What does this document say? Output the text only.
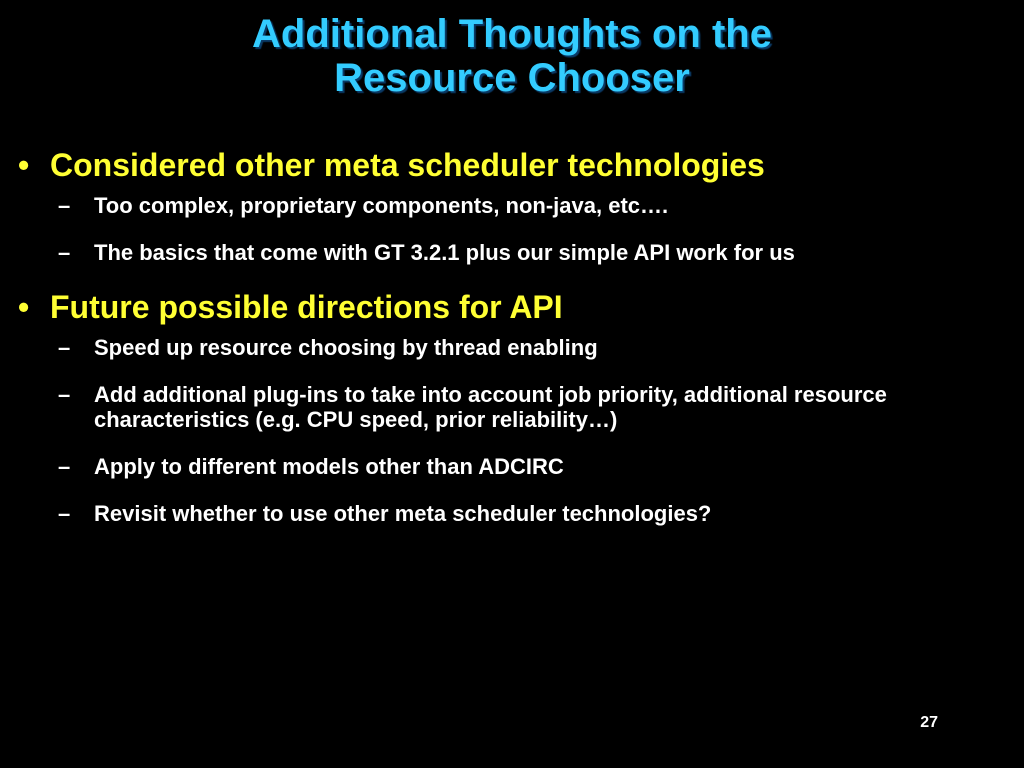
Additional Thoughts on the
Resource Chooser
• Considered other meta scheduler technologies
– Too complex, proprietary components, non-java, etc….
– The basics that come with GT 3.2.1 plus our simple API work for us
• Future possible directions for API
– Speed up resource choosing by thread enabling
– Add additional plug-ins to take into account job priority, additional resource characteristics (e.g. CPU speed, prior reliability…)
– Apply to different models other than ADCIRC
– Revisit whether to use other meta scheduler technologies?
27
